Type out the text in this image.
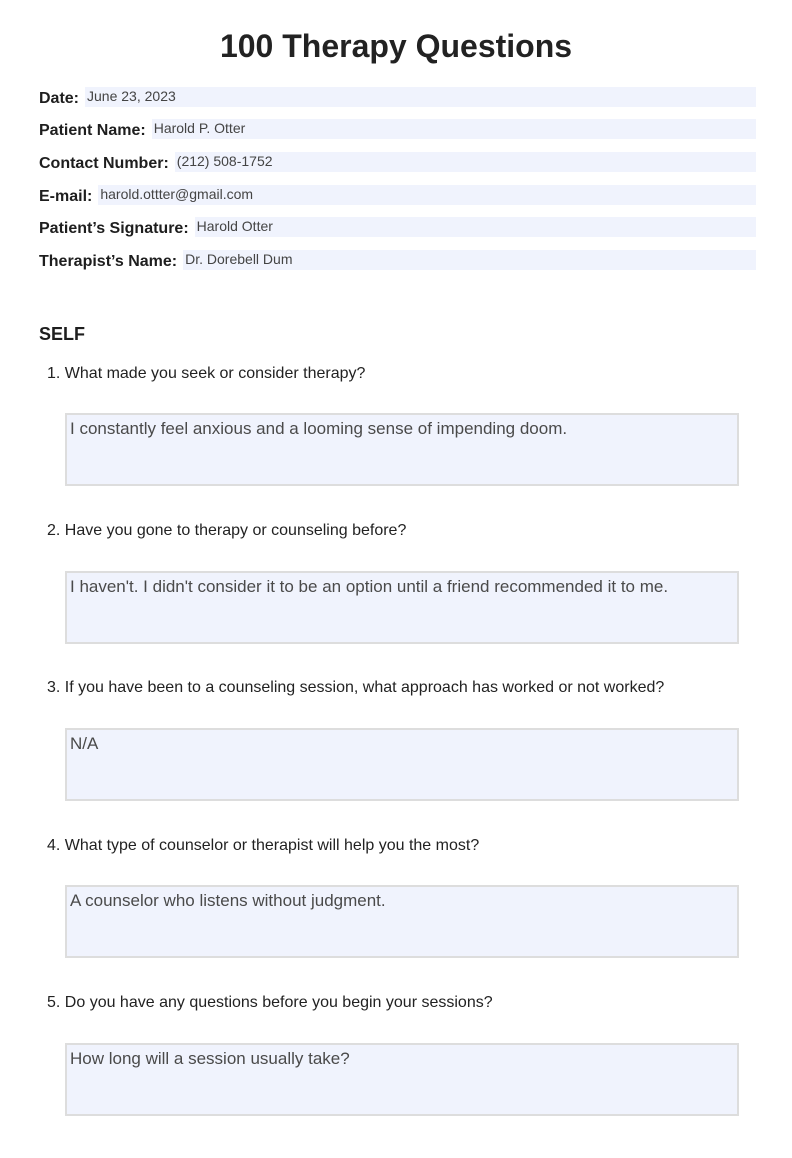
100 Therapy Questions
Date: June 23, 2023
Patient Name: Harold P. Otter
Contact Number: (212) 508-1752
E-mail: harold.ottter@gmail.com
Patient’s Signature: Harold Otter
Therapist’s Name: Dr. Dorebell Dum
SELF
1. What made you seek or consider therapy?
I constantly feel anxious and a looming sense of impending doom.
2. Have you gone to therapy or counseling before?
I haven't. I didn't consider it to be an option until a friend recommended it to me.
3. If you have been to a counseling session, what approach has worked or not worked?
N/A
4. What type of counselor or therapist will help you the most?
A counselor who listens without judgment.
5. Do you have any questions before you begin your sessions?
How long will a session usually take?
